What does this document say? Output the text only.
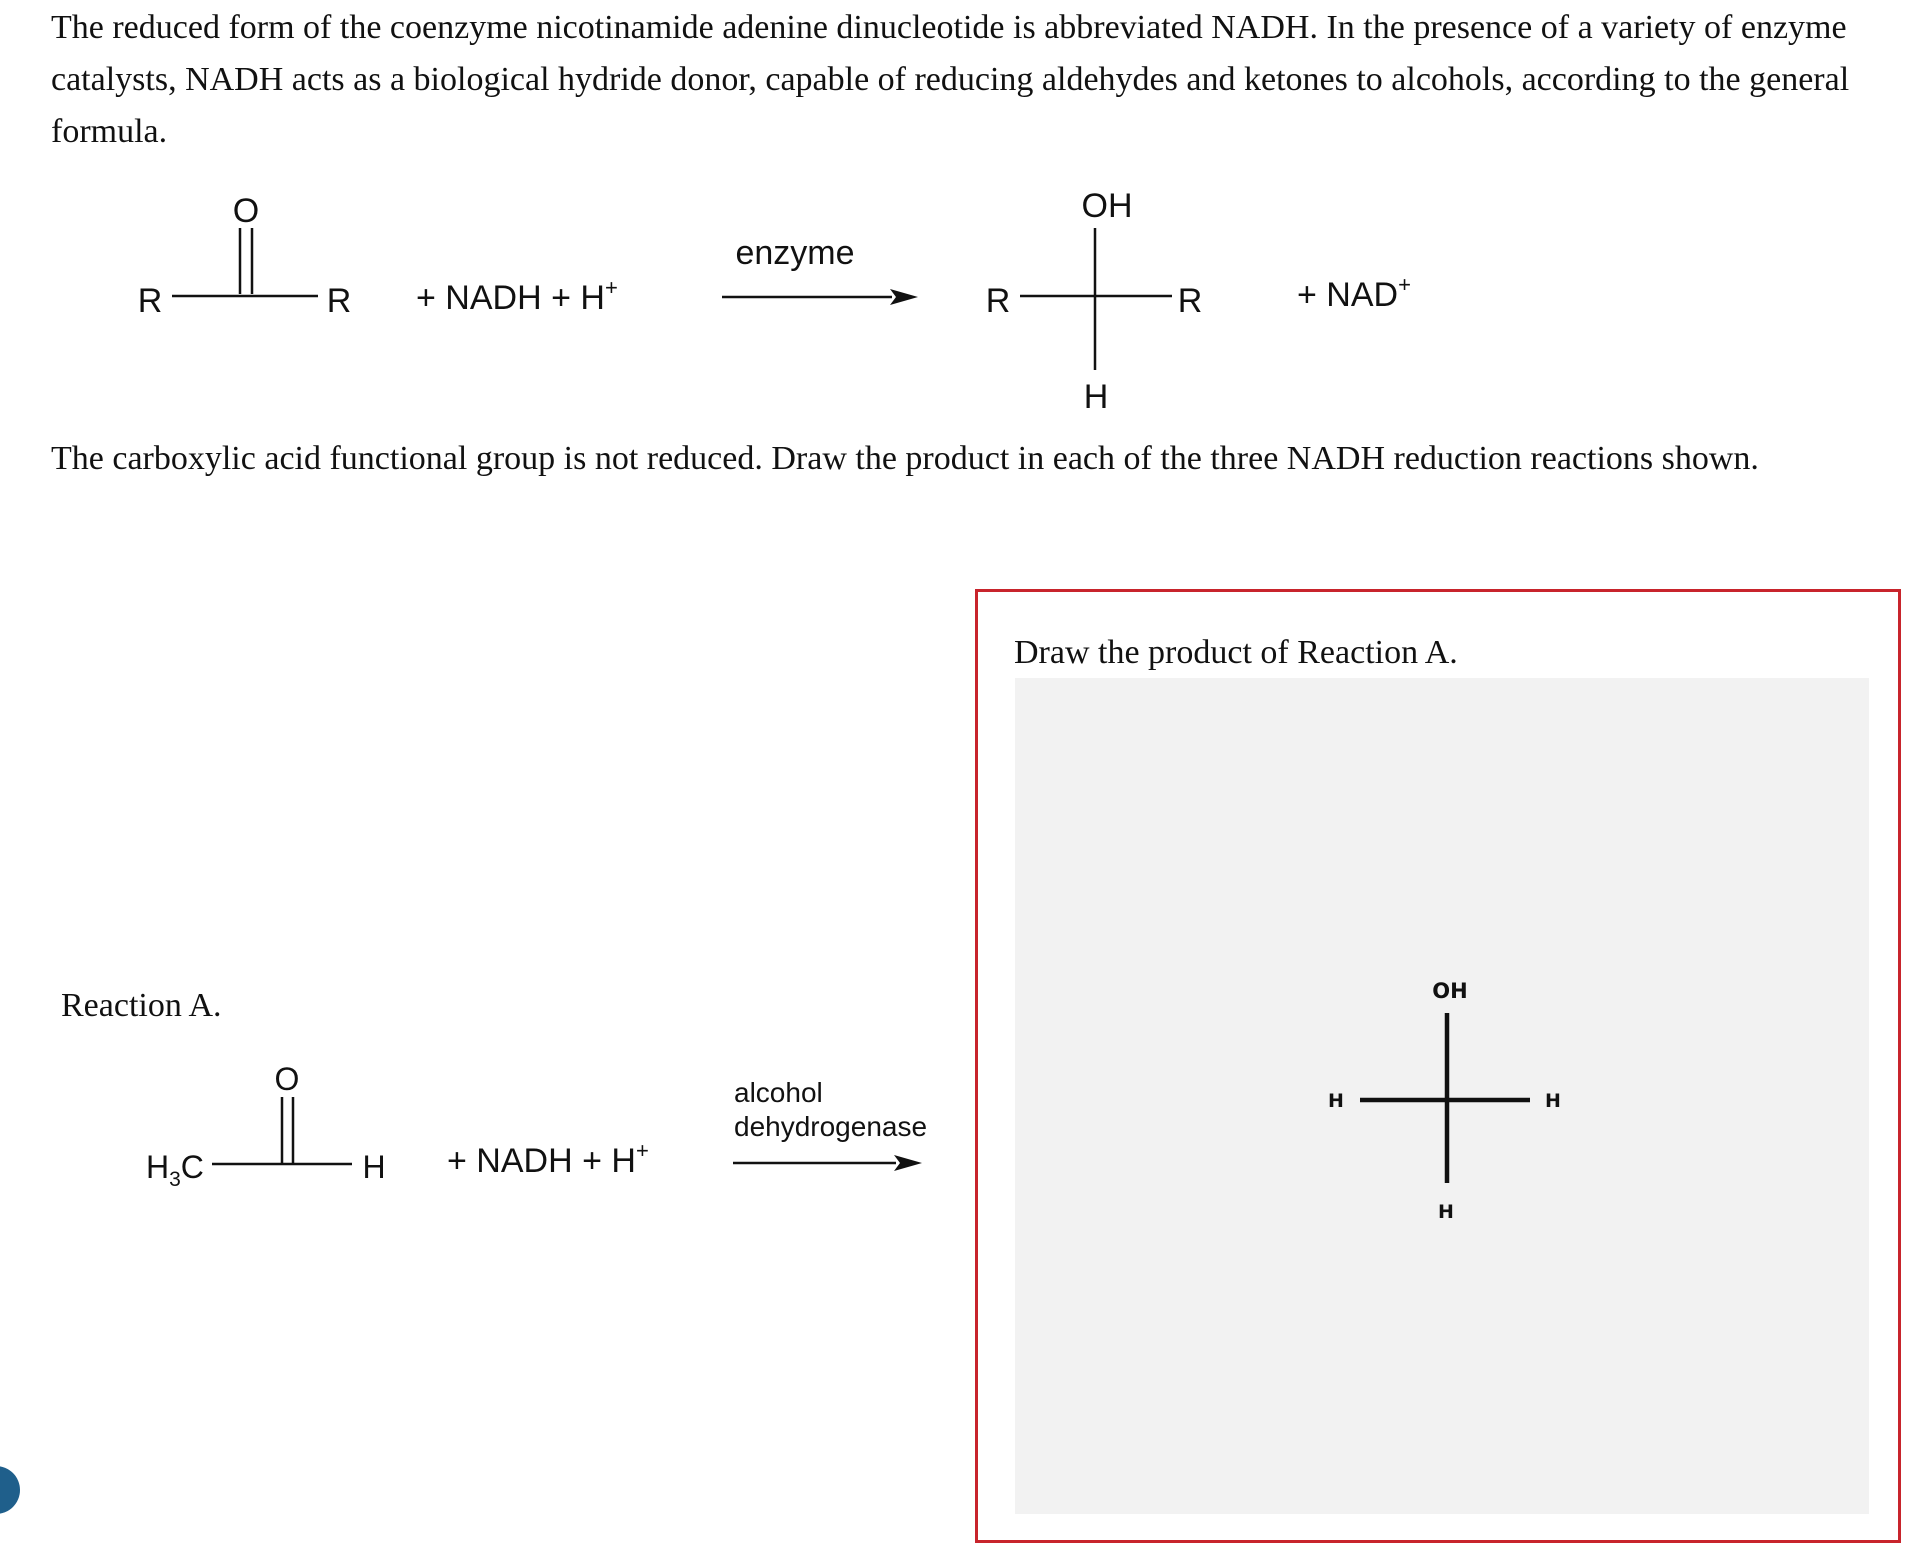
The reduced form of the coenzyme nicotinamide adenine dinucleotide is abbreviated NADH. In the presence of a variety of enzyme catalysts, NADH acts as a biological hydride donor, capable of reducing aldehydes and ketones to alcohols, according to the general formula.

O
R	R + NADH + H+
enzyme
OH
R	R
H
+ NAD+

The carboxylic acid functional group is not reduced. Draw the product in each of the three NADH reduction reactions shown.

Reaction A.

O
$H_3C$	H + NADH + H+
alcohol
dehydrogenase

Draw the product of Reaction A.

OH
H	H
H
